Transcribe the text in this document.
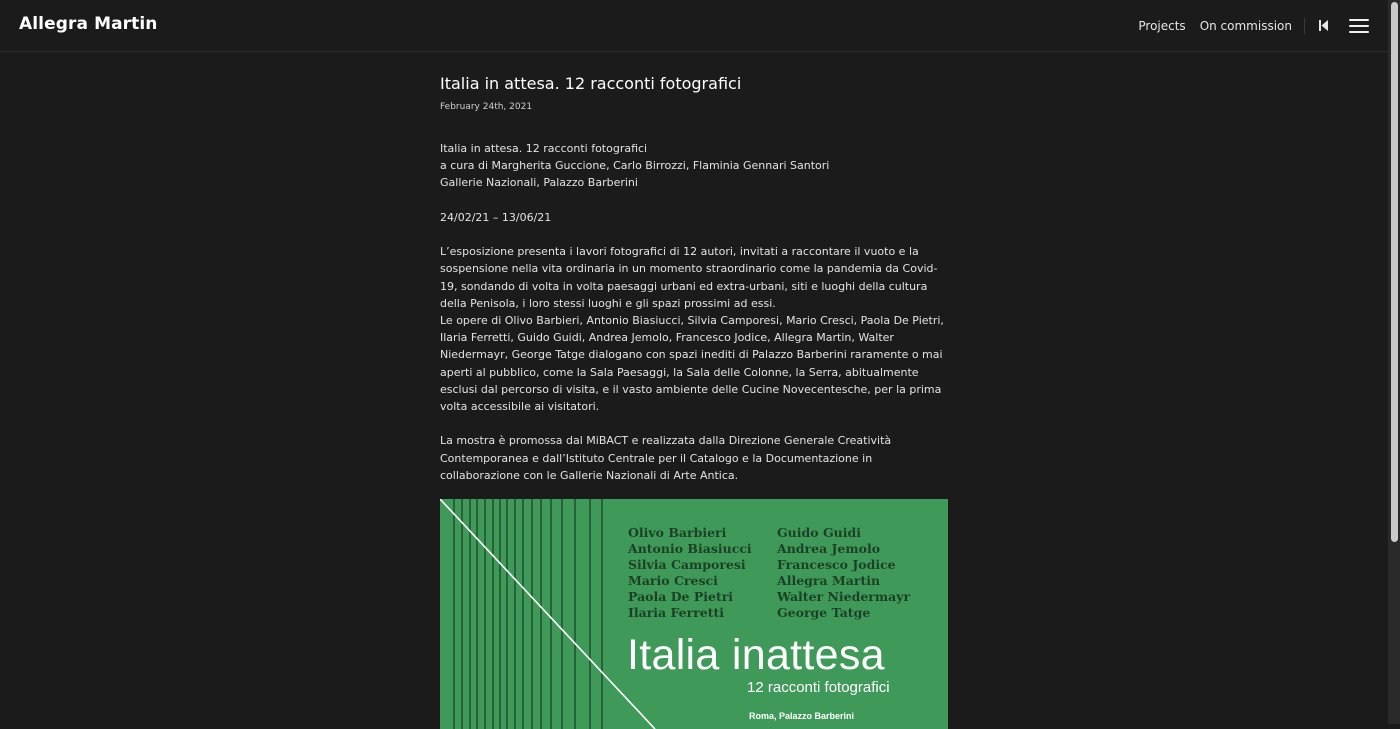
Allegra Martin	Projects On commission
Italia in attesa. 12 racconti fotografici
February 24th, 2021

Italia in attesa. 12 racconti fotografici

a cura di Margherita Guccione, Carlo Birrozzi, Flaminia Gennari Santori

Gallerie Nazionali, Palazzo Barberini

24/02/21 – 13/06/21

L’esposizione presenta i lavori fotografici di 12 autori, invitati a raccontare il vuoto e la sospensione nella vita ordinaria in un momento straordinario come la pandemia da Covid-19, sondando di volta in volta paesaggi urbani ed extra-urbani, siti e luoghi della cultura della Penisola, i loro stessi luoghi e gli spazi prossimi ad essi.

Le opere di Olivo Barbieri, Antonio Biasiucci, Silvia Camporesi, Mario Cresci, Paola De Pietri, Ilaria Ferretti, Guido Guidi, Andrea Jemolo, Francesco Jodice, Allegra Martin, Walter Niedermayr, George Tatge dialogano con spazi inediti di Palazzo Barberini raramente o mai aperti al pubblico, come la Sala Paesaggi, la Sala delle Colonne, la Serra, abitualmente esclusi dal percorso di visita, e il vasto ambiente delle Cucine Novecentesche, per la prima volta accessibile ai visitatori.

La mostra è promossa dal MiBACT e realizzata dalla Direzione Generale Creatività Contemporanea e dall’Istituto Centrale per il Catalogo e la Documentazione in collaborazione con le Gallerie Nazionali di Arte Antica.

Olivo Barbieri
Antonio Biasiucci
Silvia Camporesi
Mario Cresci
Paola De Pietri
Ilaria Ferretti
Guido Guidi
Andrea Jemolo
Francesco Jodice
Allegra Martin
Walter Niedermayr
George Tatge
Italia inattesa
12 racconti fotografici
Roma, Palazzo Barberini
